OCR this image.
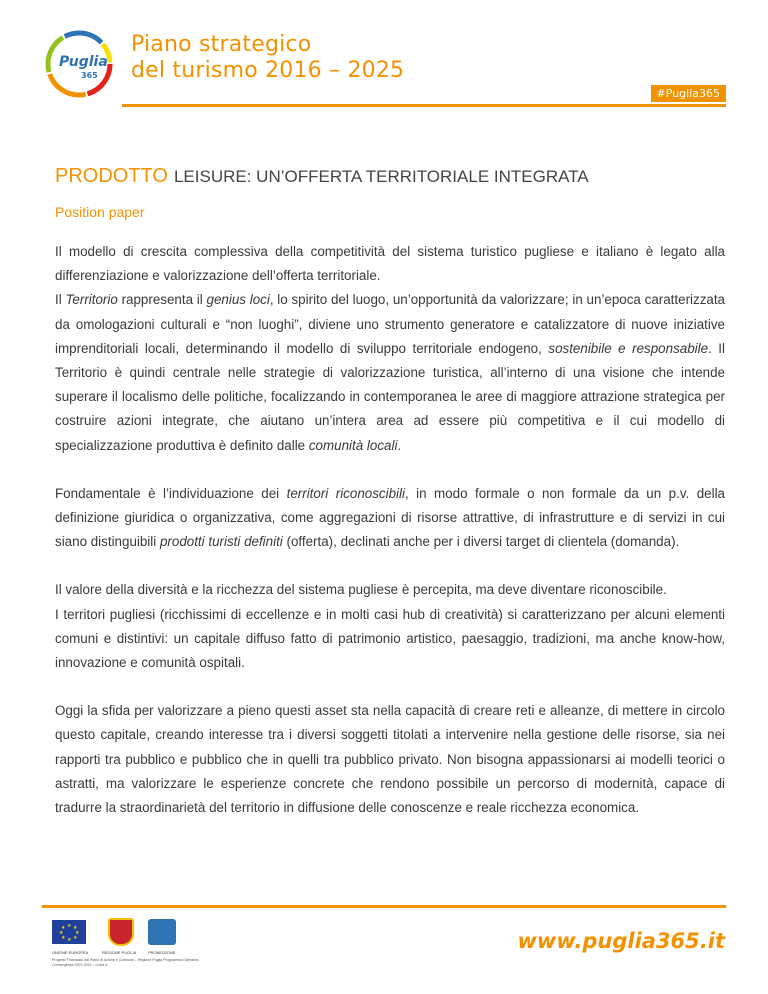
Puglia
365
Piano strategico
del turismo 2016 – 2025
#Puglia365
PRODOTTO LEISURE: UN’OFFERTA TERRITORIALE INTEGRATA
Position paper

Il modello di crescita complessiva della competitività del sistema turistico pugliese e italiano è legato alla differenziazione e valorizzazione dell’offerta territoriale.

Il Territorio rappresenta il genius loci, lo spirito del luogo, un’opportunità da valorizzare; in un’epoca caratterizzata da omologazioni culturali e “non luoghi”, diviene uno strumento generatore e catalizzatore di nuove iniziative imprenditoriali locali, determinando il modello di sviluppo territoriale endogeno, sostenibile e responsabile. Il Territorio è quindi centrale nelle strategie di valorizzazione turistica, all’interno di una visione che intende superare il localismo delle politiche, focalizzando in contemporanea le aree di maggiore attrazione strategica per costruire azioni integrate, che aiutano un’intera area ad essere più competitiva e il cui modello di specializzazione produttiva è definito dalle comunità locali.

Fondamentale è l’individuazione dei territori riconoscibili, in modo formale o non formale da un p.v. della definizione giuridica o organizzativa, come aggregazioni di risorse attrattive, di infrastrutture e di servizi in cui siano distinguibili prodotti turisti definiti (offerta), declinati anche per i diversi target di clientela (domanda).

Il valore della diversità e la ricchezza del sistema pugliese è percepita, ma deve diventare riconoscibile.

I territori pugliesi (ricchissimi di eccellenze e in molti casi hub di creatività) si caratterizzano per alcuni elementi comuni e distintivi: un capitale diffuso fatto di patrimonio artistico, paesaggio, tradizioni, ma anche know-how, innovazione e comunità ospitali.

Oggi la sfida per valorizzare a pieno questi asset sta nella capacità di creare reti e alleanze, di mettere in circolo questo capitale, creando interesse tra i diversi soggetti titolati a intervenire nella gestione delle risorse, sia nei rapporti tra pubblico e pubblico che in quelli tra pubblico privato. Non bisogna appassionarsi ai modelli teorici o astratti, ma valorizzare le esperienze concrete che rendono possibile un percorso di modernità, capace di tradurre la straordinarietà del territorio in diffusione delle conoscenze e reale ricchezza economica.

★ ★
★
★
★
★
★
★
UNIONE EUROPEA	REGIONE PUGLIA	PROMOZIONE
Progetto Finanziato dal Piano di Azione e Coesione – Regione Puglia Programma Operativo Convergenza 2007-2013 – Linea 4
www.puglia365.it
